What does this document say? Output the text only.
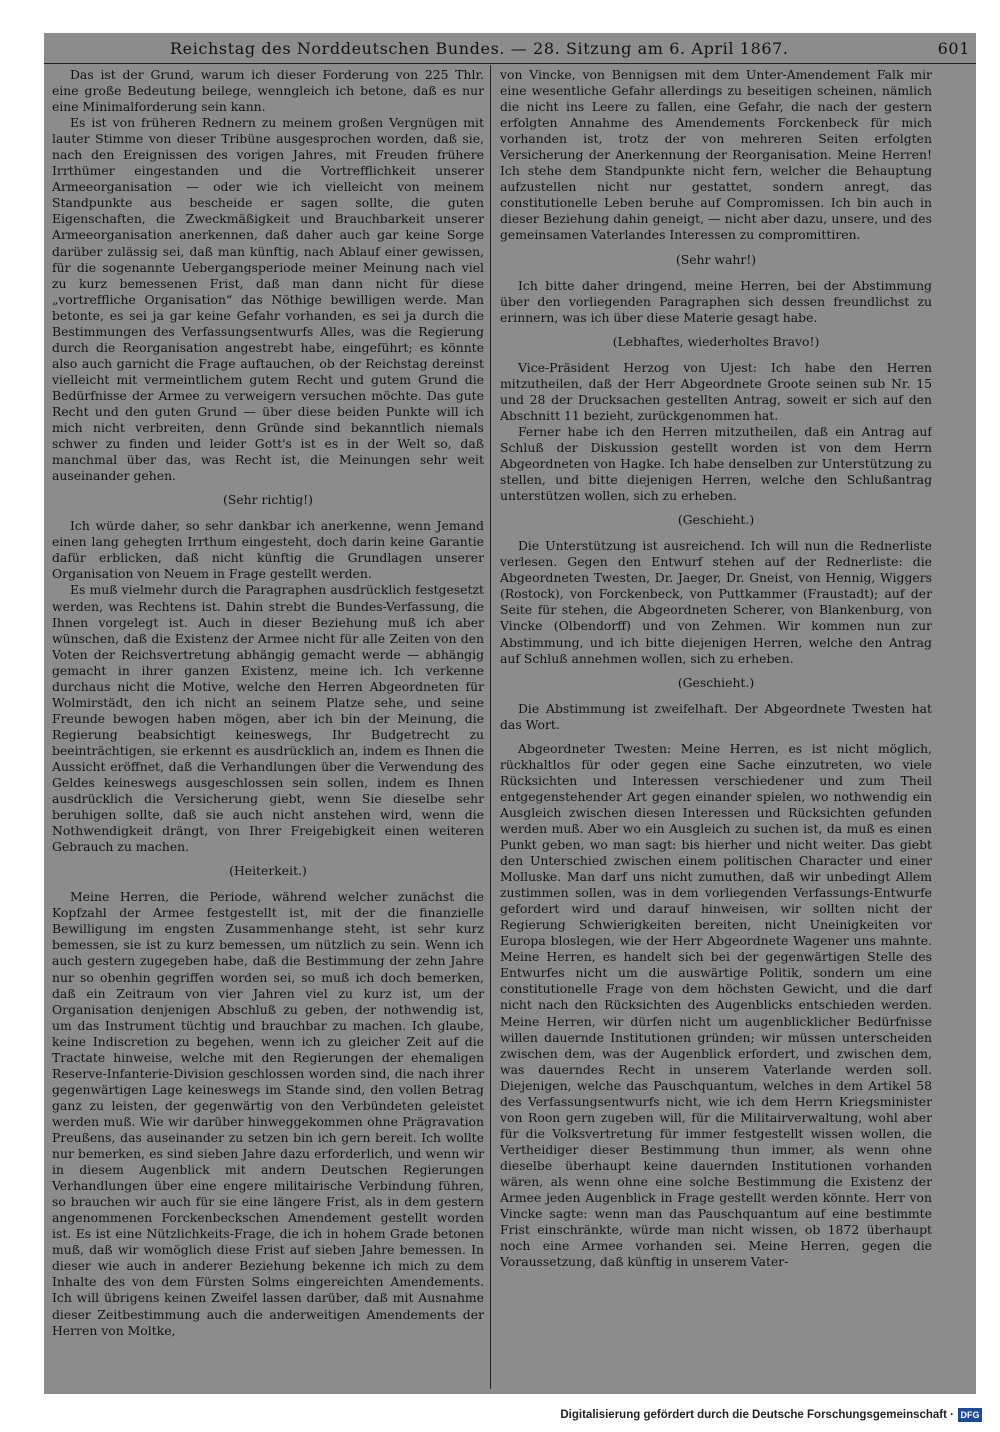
Reichstag des Norddeutschen Bundes. — 28. Sitzung am 6. April 1867.	601

Das ist der Grund, warum ich dieser Forderung von 225 Thlr. eine große Bedeutung beilege, wenngleich ich betone, daß es nur eine Minimalforderung sein kann.

Es ist von früheren Rednern zu meinem großen Vergnügen mit lauter Stimme von dieser Tribüne ausgesprochen worden, daß sie, nach den Ereignissen des vorigen Jahres, mit Freuden frühere Irrthümer eingestanden und die Vortrefflichkeit unserer Armeeorganisation — oder wie ich vielleicht von meinem Standpunkte aus bescheide er sagen sollte, die guten Eigenschaften, die Zweckmäßigkeit und Brauchbarkeit unserer Armeeorganisation anerkennen, daß daher auch gar keine Sorge darüber zulässig sei, daß man künftig, nach Ablauf einer gewissen, für die sogenannte Uebergangsperiode meiner Meinung nach viel zu kurz bemessenen Frist, daß man dann nicht für diese „vortreffliche Organisation“ das Nöthige bewilligen werde. Man betonte, es sei ja gar keine Gefahr vorhanden, es sei ja durch die Bestimmungen des Verfassungsentwurfs Alles, was die Regierung durch die Reorganisation angestrebt habe, eingeführt; es könnte also auch garnicht die Frage auftauchen, ob der Reichstag dereinst vielleicht mit vermeintlichem gutem Recht und gutem Grund die Bedürfnisse der Armee zu verweigern versuchen möchte. Das gute Recht und den guten Grund — über diese beiden Punkte will ich mich nicht verbreiten, denn Gründe sind bekanntlich niemals schwer zu finden und leider Gott's ist es in der Welt so, daß manchmal über das, was Recht ist, die Meinungen sehr weit auseinander gehen.

(Sehr richtig!)

Ich würde daher, so sehr dankbar ich anerkenne, wenn Jemand einen lang gehegten Irrthum eingesteht, doch darin keine Garantie dafür erblicken, daß nicht künftig die Grundlagen unserer Organisation von Neuem in Frage gestellt werden.

Es muß vielmehr durch die Paragraphen ausdrücklich festgesetzt werden, was Rechtens ist. Dahin strebt die Bundes-Verfassung, die Ihnen vorgelegt ist. Auch in dieser Beziehung muß ich aber wünschen, daß die Existenz der Armee nicht für alle Zeiten von den Voten der Reichsvertretung abhängig gemacht werde — abhängig gemacht in ihrer ganzen Existenz, meine ich. Ich verkenne durchaus nicht die Motive, welche den Herren Abgeordneten für Wolmirstädt, den ich nicht an seinem Platze sehe, und seine Freunde bewogen haben mögen, aber ich bin der Meinung, die Regierung beabsichtigt keineswegs, Ihr Budgetrecht zu beeinträchtigen, sie erkennt es ausdrücklich an, indem es Ihnen die Aussicht eröffnet, daß die Verhandlungen über die Verwendung des Geldes keineswegs ausgeschlossen sein sollen, indem es Ihnen ausdrücklich die Versicherung giebt, wenn Sie dieselbe sehr beruhigen sollte, daß sie auch nicht anstehen wird, wenn die Nothwendigkeit drängt, von Ihrer Freigebigkeit einen weiteren Gebrauch zu machen.

(Heiterkeit.)

Meine Herren, die Periode, während welcher zunächst die Kopfzahl der Armee festgestellt ist, mit der die finanzielle Bewilligung im engsten Zusammenhange steht, ist sehr kurz bemessen, sie ist zu kurz bemessen, um nützlich zu sein. Wenn ich auch gestern zugegeben habe, daß die Bestimmung der zehn Jahre nur so obenhin gegriffen worden sei, so muß ich doch bemerken, daß ein Zeitraum von vier Jahren viel zu kurz ist, um der Organisation denjenigen Abschluß zu geben, der nothwendig ist, um das Instrument tüchtig und brauchbar zu machen. Ich glaube, keine Indiscretion zu begehen, wenn ich zu gleicher Zeit auf die Tractate hinweise, welche mit den Regierungen der ehemaligen Reserve-Infanterie-Division geschlossen worden sind, die nach ihrer gegenwärtigen Lage keineswegs im Stande sind, den vollen Betrag ganz zu leisten, der gegenwärtig von den Verbündeten geleistet werden muß. Wie wir darüber hinweggekommen ohne Prägravation Preußens, das auseinander zu setzen bin ich gern bereit. Ich wollte nur bemerken, es sind sieben Jahre dazu erforderlich, und wenn wir in diesem Augenblick mit andern Deutschen Regierungen Verhandlungen über eine engere militairische Verbindung führen, so brauchen wir auch für sie eine längere Frist, als in dem gestern angenommenen Forckenbeckschen Amendement gestellt worden ist. Es ist eine Nützlichkeits-Frage, die ich in hohem Grade betonen muß, daß wir womöglich diese Frist auf sieben Jahre bemessen. In dieser wie auch in anderer Beziehung bekenne ich mich zu dem Inhalte des von dem Fürsten Solms eingereichten Amendements. Ich will übrigens keinen Zweifel lassen darüber, daß mit Ausnahme dieser Zeitbestimmung auch die anderweitigen Amendements der Herren von Moltke,

von Vincke, von Bennigsen mit dem Unter-Amendement Falk mir eine wesentliche Gefahr allerdings zu beseitigen scheinen, nämlich die nicht ins Leere zu fallen, eine Gefahr, die nach der gestern erfolgten Annahme des Amendements Forckenbeck für mich vorhanden ist, trotz der von mehreren Seiten erfolgten Versicherung der Anerkennung der Reorganisation. Meine Herren! Ich stehe dem Standpunkte nicht fern, welcher die Behauptung aufzustellen nicht nur gestattet, sondern anregt, das constitutionelle Leben beruhe auf Compromissen. Ich bin auch in dieser Beziehung dahin geneigt, — nicht aber dazu, unsere, und des gemeinsamen Vaterlandes Interessen zu compromittiren.

(Sehr wahr!)

Ich bitte daher dringend, meine Herren, bei der Abstimmung über den vorliegenden Paragraphen sich dessen freundlichst zu erinnern, was ich über diese Materie gesagt habe.

(Lebhaftes, wiederholtes Bravo!)

Vice-Präsident Herzog von Ujest: Ich habe den Herren mitzutheilen, daß der Herr Abgeordnete Groote seinen sub Nr. 15 und 28 der Drucksachen gestellten Antrag, soweit er sich auf den Abschnitt 11 bezieht, zurückgenommen hat.

Ferner habe ich den Herren mitzutheilen, daß ein Antrag auf Schluß der Diskussion gestellt worden ist von dem Herrn Abgeordneten von Hagke. Ich habe denselben zur Unterstützung zu stellen, und bitte diejenigen Herren, welche den Schlußantrag unterstützen wollen, sich zu erheben.

(Geschieht.)

Die Unterstützung ist ausreichend. Ich will nun die Rednerliste verlesen. Gegen den Entwurf stehen auf der Rednerliste: die Abgeordneten Twesten, Dr. Jaeger, Dr. Gneist, von Hennig, Wiggers (Rostock), von Forckenbeck, von Puttkammer (Fraustadt); auf der Seite für stehen, die Abgeordneten Scherer, von Blankenburg, von Vincke (Olbendorff) und von Zehmen. Wir kommen nun zur Abstimmung, und ich bitte diejenigen Herren, welche den Antrag auf Schluß annehmen wollen, sich zu erheben.

(Geschieht.)

Die Abstimmung ist zweifelhaft. Der Abgeordnete Twesten hat das Wort.

Abgeordneter Twesten: Meine Herren, es ist nicht möglich, rückhaltlos für oder gegen eine Sache einzutreten, wo viele Rücksichten und Interessen verschiedener und zum Theil entgegenstehender Art gegen einander spielen, wo nothwendig ein Ausgleich zwischen diesen Interessen und Rücksichten gefunden werden muß. Aber wo ein Ausgleich zu suchen ist, da muß es einen Punkt geben, wo man sagt: bis hierher und nicht weiter. Das giebt den Unterschied zwischen einem politischen Character und einer Molluske. Man darf uns nicht zumuthen, daß wir unbedingt Allem zustimmen sollen, was in dem vorliegenden Verfassungs-Entwurfe gefordert wird und darauf hinweisen, wir sollten nicht der Regierung Schwierigkeiten bereiten, nicht Uneinigkeiten vor Europa bloslegen, wie der Herr Abgeordnete Wagener uns mahnte. Meine Herren, es handelt sich bei der gegenwärtigen Stelle des Entwurfes nicht um die auswärtige Politik, sondern um eine constitutionelle Frage von dem höchsten Gewicht, und die darf nicht nach den Rücksichten des Augenblicks entschieden werden. Meine Herren, wir dürfen nicht um augenblicklicher Bedürfnisse willen dauernde Institutionen gründen; wir müssen unterscheiden zwischen dem, was der Augenblick erfordert, und zwischen dem, was dauerndes Recht in unserem Vaterlande werden soll. Diejenigen, welche das Pauschquantum, welches in dem Artikel 58 des Verfassungsentwurfs nicht, wie ich dem Herrn Kriegsminister von Roon gern zugeben will, für die Militairverwaltung, wohl aber für die Volksvertretung für immer festgestellt wissen wollen, die Vertheidiger dieser Bestimmung thun immer, als wenn ohne dieselbe überhaupt keine dauernden Institutionen vorhanden wären, als wenn ohne eine solche Bestimmung die Existenz der Armee jeden Augenblick in Frage gestellt werden könnte. Herr von Vincke sagte: wenn man das Pauschquantum auf eine bestimmte Frist einschränkte, würde man nicht wissen, ob 1872 überhaupt noch eine Armee vorhanden sei. Meine Herren, gegen die Voraussetzung, daß künftig in unserem Vater-

Digitalisierung gefördert durch die Deutsche Forschungsgemeinschaft · DFG
